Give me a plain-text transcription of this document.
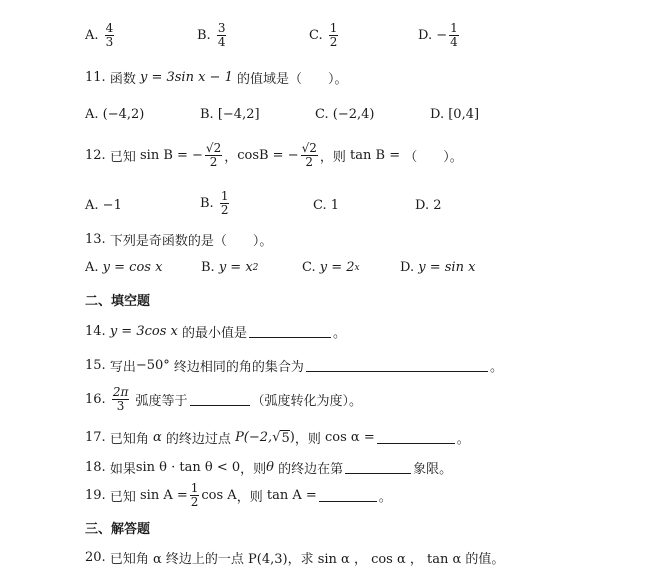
A.
$\frac{4}{3}$	B.
$\frac{3}{4}$	C.
$\frac{1}{2}$	D.
− $\frac{1}{4}$
11.
函数
y = 3sin x − 1
的值域是（　　）。
A.
(−4,2)	B.
[−4,2]	C.
(−2,4)	D.
[0,4]
12.
已知
sin B = − $\frac{√2}{2}$ ， cosB = − $\frac{√2}{2}$ ，则
tan B =
（　　）。
A.
−1	B.
$\frac{1}{2}$	C.
1	D.
2
13.
下列是奇函数的是（　　）。
A.
y = cos x	B.
y = x 2	C.
y = 2 x	D.
y = sin x
二、填空题
14.
y = 3cos x
的最小值是	。
15.
写出 −50°
终边相同的角的集合为	。
16.
$\frac{2\pi}{3}$
弧度等于	（弧度转化为度）。
17.
已知角
α
的终边过点
P(−2, √ 5 ) ，则
cos α =	。
18.
如果 sin θ · tan θ < 0 ，则 θ
的终边在第	象限。
19.
已知
$\sin A = \frac{1}{2}$ cos A ，则
tan A =	。
三、解答题
20.
已知角 α 终边上的一点 P(4,3)，求 sin α ， cos α ， tan α 的值。
